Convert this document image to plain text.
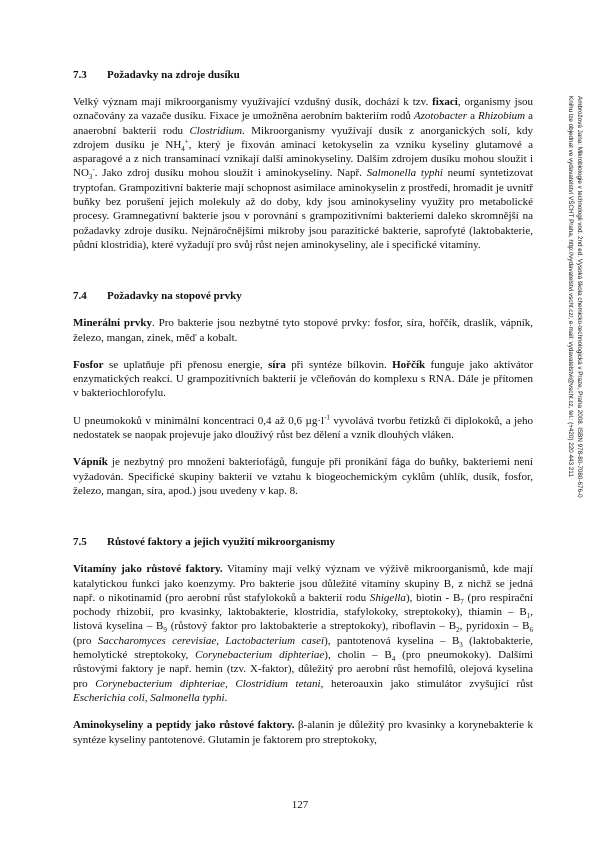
7.3	Požadavky na zdroje dusíku

Velký význam mají mikroorganismy využívající vzdušný dusík, dochází k tzv. fixaci, organismy jsou označovány za vazače dusíku. Fixace je umožněna aerobním bakteriím rodů Azotobacter a Rhizobium a anaerobní bakterii rodu Clostridium. Mikroorganismy využívají dusík z anorganických solí, kdy zdrojem dusíku je $NH_4^+$, který je fixován aminací ketokyselin za vzniku kyseliny glutamové a asparagové a z nich transaminací vznikají další aminokyseliny. Dalším zdrojem dusíku mohou sloužit i $NO_3^-$. Jako zdroj dusíku mohou sloužit i aminokyseliny. Např. Salmonella typhi neumí syntetizovat tryptofan. Grampozitivní bakterie mají schopnost asimilace aminokyselin z prostředí, hromadit je uvnitř buňky bez porušení jejich molekuly až do doby, kdy jsou aminokyseliny využity pro metabolické procesy. Gramnegativní bakterie jsou v porovnání s grampozitivními bakteriemi daleko skromnější na požadavky zdroje dusíku. Nejnáročnějšími mikroby jsou parazitické bakterie, saprofyté (laktobakterie, půdní klostridia), které vyžadují pro svůj růst nejen aminokyseliny, ale i specifické vitamíny.

7.4	Požadavky na stopové prvky

Minerální prvky. Pro bakterie jsou nezbytné tyto stopové prvky: fosfor, síra, hořčík, draslík, vápník, železo, mangan, zinek, měď a kobalt.

Fosfor se uplatňuje při přenosu energie, síra při syntéze bílkovin. Hořčík funguje jako aktivátor enzymatických reakcí. U grampozitivních bakterií je včleňován do komplexu s RNA. Dále je přítomen v bakteriochlorofylu.

U pneumokoků v minimální koncentraci 0,4 až 0,6 $\mu g\cdot l^{-1}$ vyvolává tvorbu řetízků či diplokoků, a jeho nedostatek se naopak projevuje jako dlouživý růst bez dělení a vznik dlouhých vláken.

Vápník je nezbytný pro množení bakteriofágů, funguje při pronikání fága do buňky, bakteriemi není vyžadován. Specifické skupiny bakterií ve vztahu k biogeochemickým cyklům (uhlík, dusík, fosfor, železo, mangan, síra, apod.) jsou uvedeny v kap. 8.

7.5	Růstové faktory a jejich využití mikroorganismy

Vitamíny jako růstové faktory. Vitamíny mají velký význam ve výživě mikroorganismů, kde mají katalytickou funkci jako koenzymy. Pro bakterie jsou důležité vitamíny skupiny B, z nichž se jedná např. o nikotinamid (pro aerobní růst stafylokoků a bakterií rodu Shigella), biotin - $B_7$ (pro respirační pochody rhizobií, pro kvasinky, laktobakterie, klostridia, stafylokoky, streptokoky), thiamin – $B_1$, listová kyselina – $B_9$ (růstový faktor pro laktobakterie a streptokoky), riboflavin – $B_2$, pyridoxin – $B_6$ (pro Saccharomyces cerevisiae, Lactobacterium casei), pantotenová kyselina – $B_3$ (laktobakterie, hemolytické streptokoky, Corynebacterium diphteriae), cholin – $B_4$ (pro pneumokoky). Dalšími růstovými faktory je např. hemin (tzv. X-faktor), důležitý pro aerobní růst hemofilů, olejová kyselina pro Corynebacterium diphteriae, Clostridium tetani, heteroauxin jako stimulátor zvyšující růst Escherichia coli, Salmonella typhi.

Aminokyseliny a peptidy jako růstové faktory. β-alanin je důležitý pro kvasinky a korynebakterie k syntéze kyseliny pantotenové. Glutamin je faktorem pro streptokoky,

Ambrožová Jana: Mikrobiologie v technologii vod. 2nd ed. Vysoká škola chemicko-technologická v Praze, Praha 2008. ISBN 978-80-7080-676-0
Knihu lze objednat ve vydavatelství VŠCHT Praha, http://vydavatelstvi.vscht.cz/, e-mail: vydavatelstvi@vscht.cz, tel.: (+420) 220 443 211
127
